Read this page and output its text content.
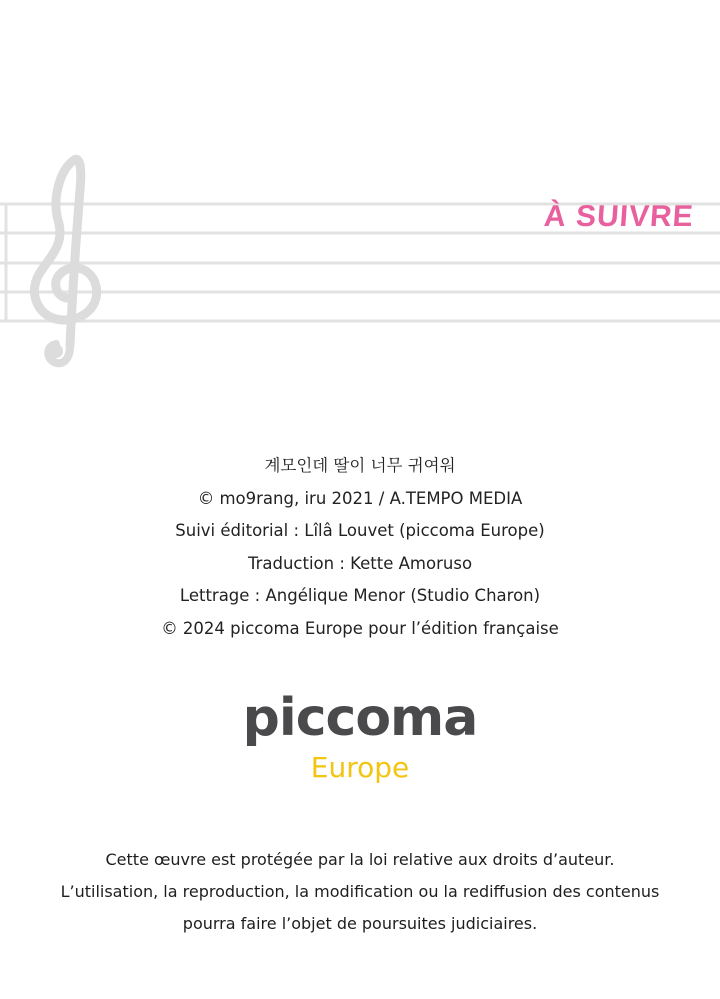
À SUIVRE
계모인데 딸이 너무 귀여워
© mo9rang, iru 2021 / A.TEMPO MEDIA
Suivi éditorial : Lîlâ Louvet (piccoma Europe)
Traduction : Kette Amoruso
Lettrage : Angélique Menor (Studio Charon)
© 2024 piccoma Europe pour l’édition française
piccoma
Europe
Cette œuvre est protégée par la loi relative aux droits d’auteur.
L’utilisation, la reproduction, la modification ou la rediffusion des contenus
pourra faire l’objet de poursuites judiciaires.
